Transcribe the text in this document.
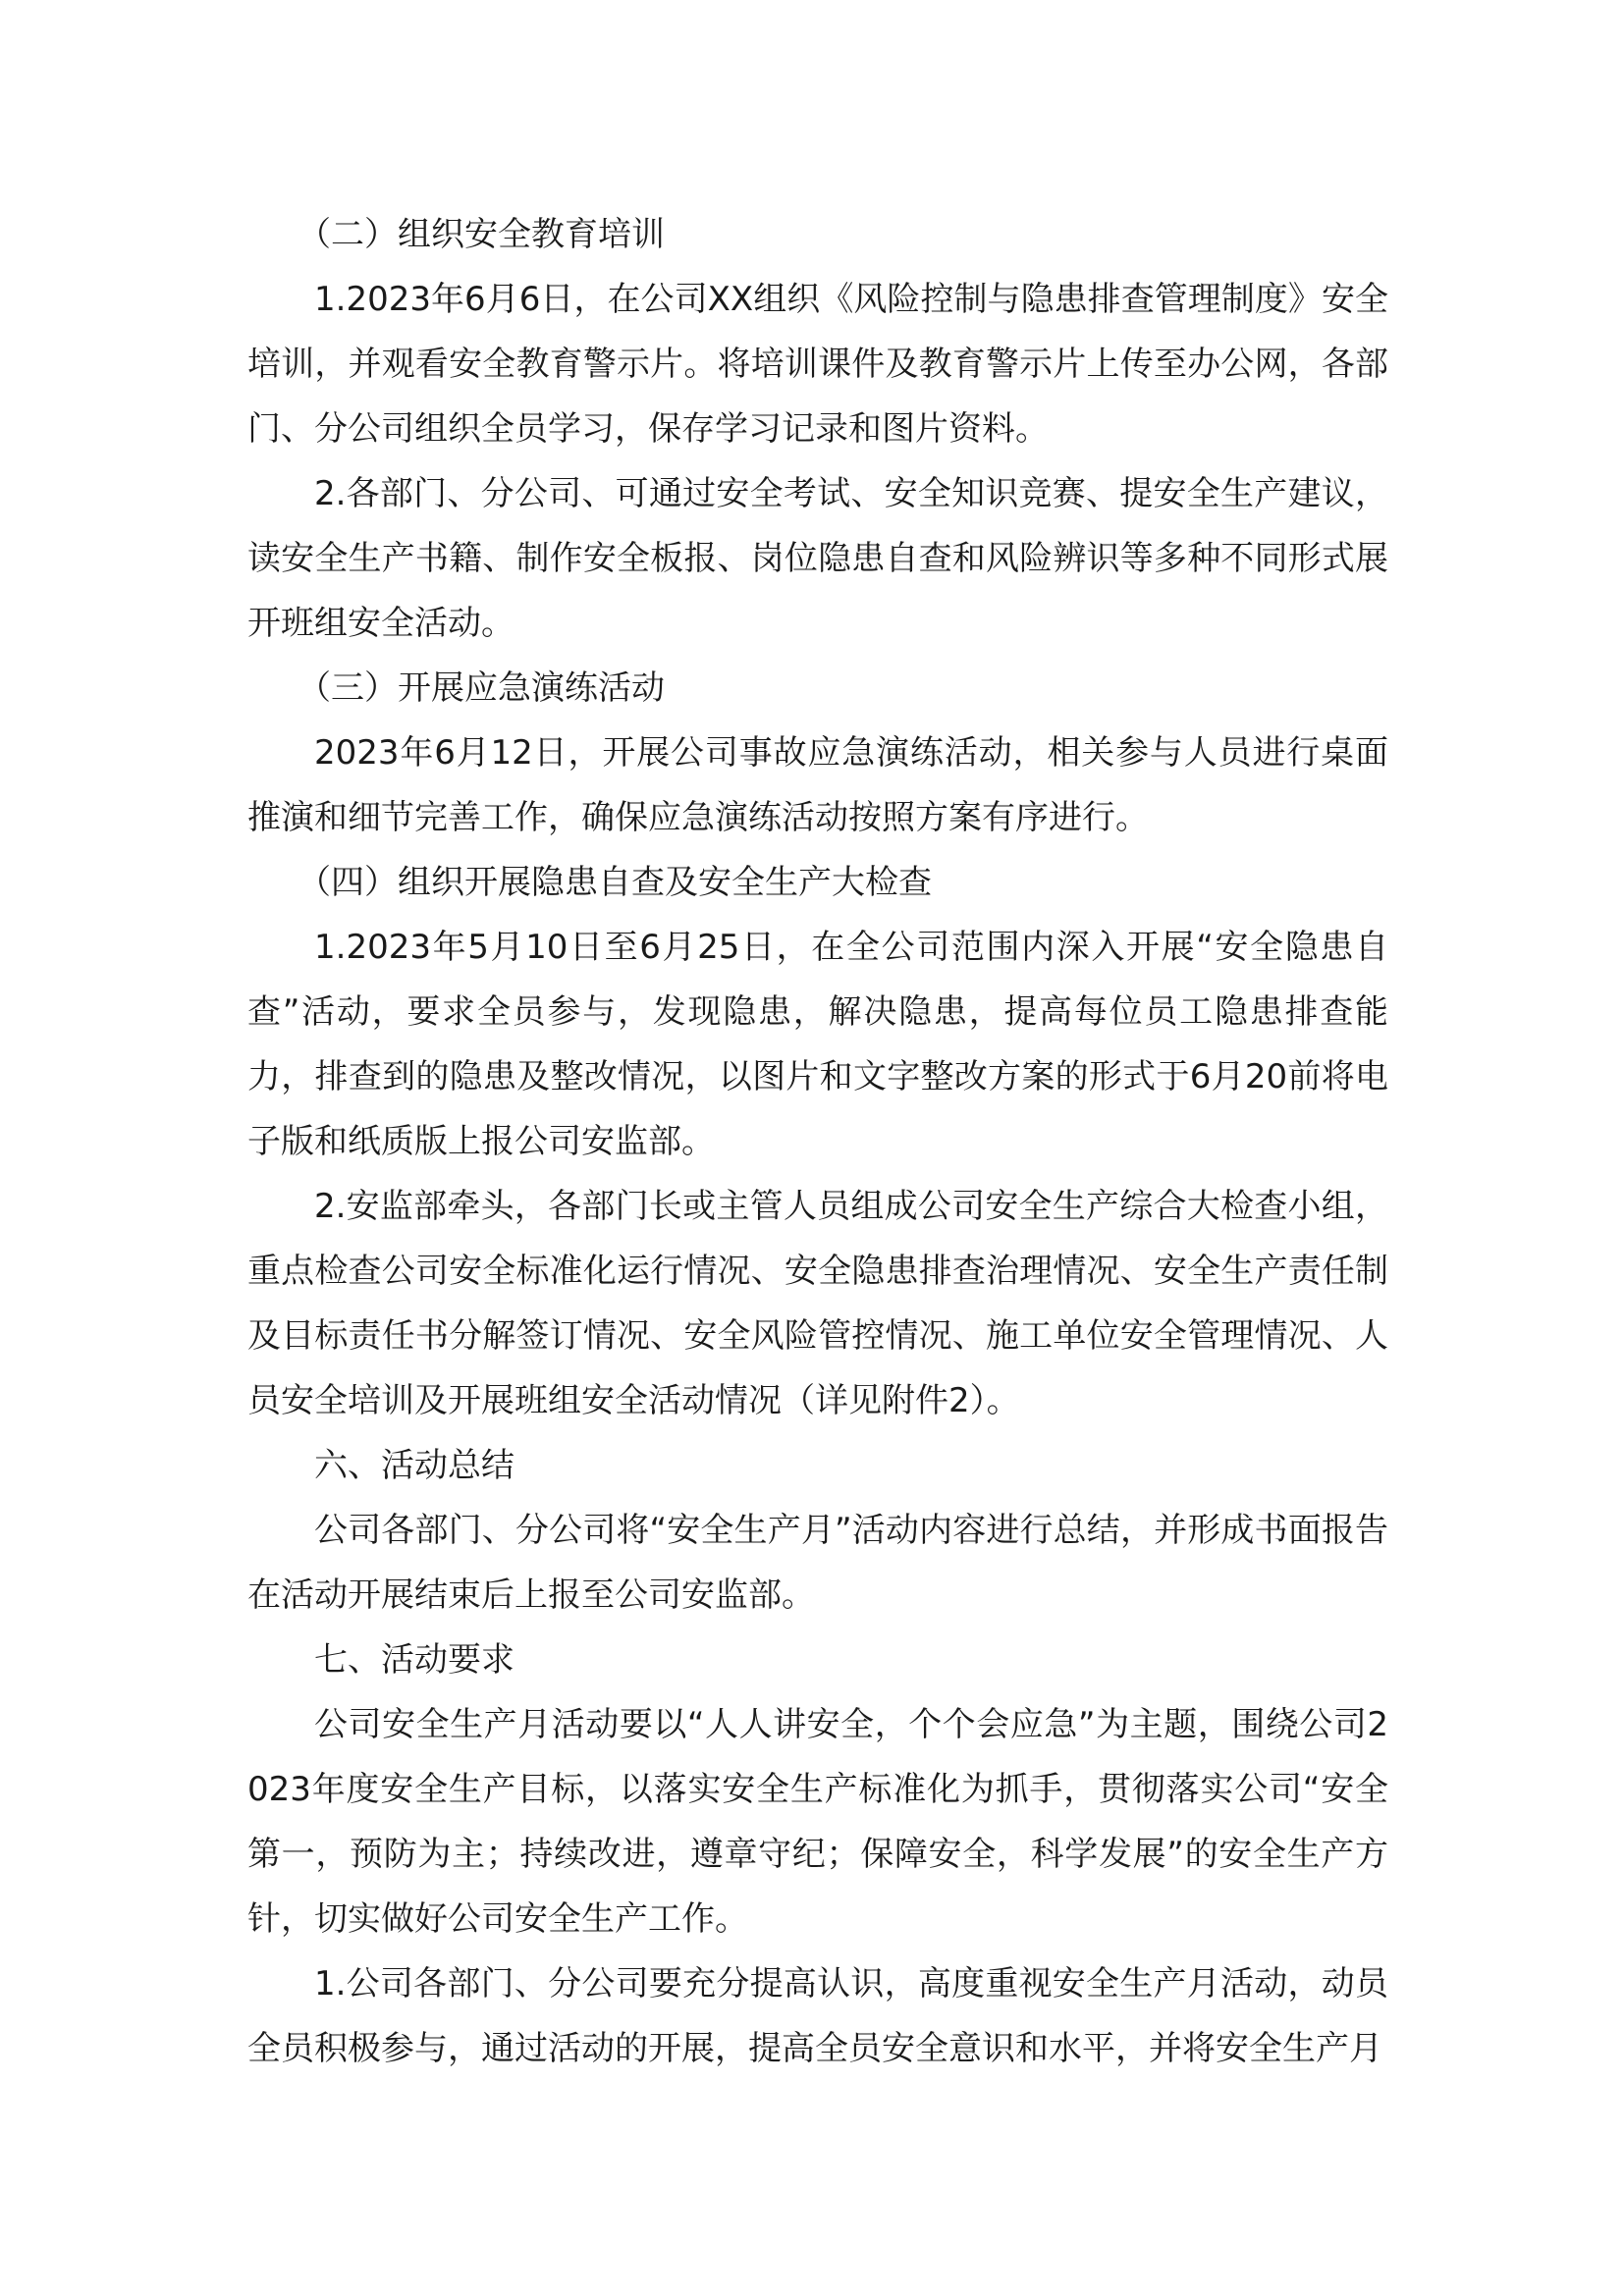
（二）组织安全教育培训

1.2023年6月6日，在公司XX组织《风险控制与隐患排查管理制度》安全培训，并观看安全教育警示片。将培训课件及教育警示片上传至办公网，各部门、分公司组织全员学习，保存学习记录和图片资料。

2.各部门、分公司、可通过安全考试、安全知识竞赛、提安全生产建议，读安全生产书籍、制作安全板报、岗位隐患自查和风险辨识等多种不同形式展开班组安全活动。

（三）开展应急演练活动

2023年6月12日，开展公司事故应急演练活动，相关参与人员进行桌面推演和细节完善工作，确保应急演练活动按照方案有序进行。

（四）组织开展隐患自查及安全生产大检查

1.2023年5月10日至6月25日，在全公司范围内深入开展“安全隐患自查”活动，要求全员参与，发现隐患，解决隐患，提高每位员工隐患排查能力，排查到的隐患及整改情况，以图片和文字整改方案的形式于6月20前将电子版和纸质版上报公司安监部。

2.安监部牵头，各部门长或主管人员组成公司安全生产综合大检查小组，重点检查公司安全标准化运行情况、安全隐患排查治理情况、安全生产责任制及目标责任书分解签订情况、安全风险管控情况、施工单位安全管理情况、人员安全培训及开展班组安全活动情况（详见附件2）。

六、活动总结

公司各部门、分公司将“安全生产月”活动内容进行总结，并形成书面报告在活动开展结束后上报至公司安监部。

七、活动要求

公司安全生产月活动要以“人人讲安全，个个会应急”为主题，围绕公司2023年度安全生产目标，以落实安全生产标准化为抓手，贯彻落实公司“安全第一，预防为主；持续改进，遵章守纪；保障安全，科学发展”的安全生产方针，切实做好公司安全生产工作。

1.公司各部门、分公司要充分提高认识，高度重视安全生产月活动，动员全员积极参与，通过活动的开展，提高全员安全意识和水平，并将安全生产月
